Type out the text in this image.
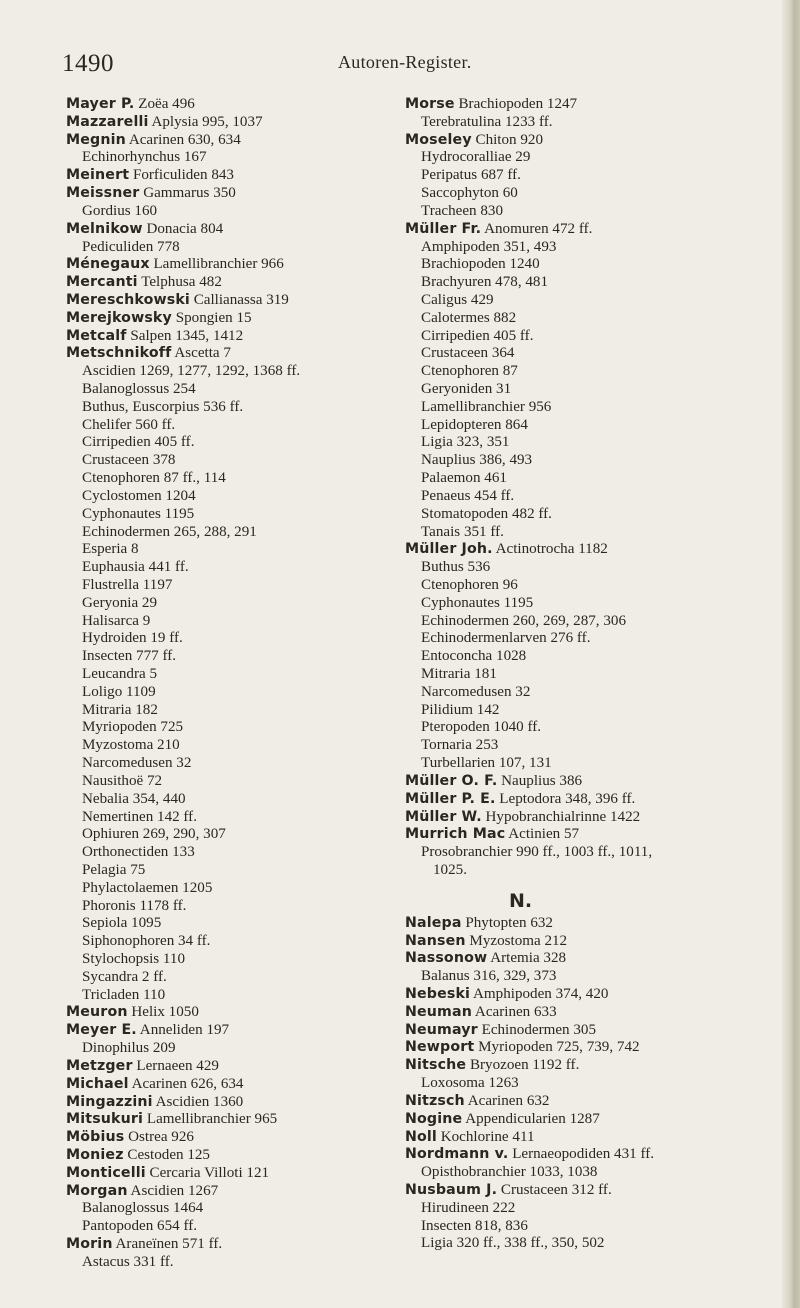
1490	Autoren-Register.
Mayer P. Zoëa 496
Mazzarelli Aplysia 995, 1037
Megnin Acarinen 630, 634
Echinorhynchus 167
Meinert Forficuliden 843
Meissner Gammarus 350
Gordius 160
Melnikow Donacia 804
Pediculiden 778
Ménegaux Lamellibranchier 966
Mercanti Telphusa 482
Mereschkowski Callianassa 319
Merejkowsky Spongien 15
Metcalf Salpen 1345, 1412
Metschnikoff Ascetta 7
Ascidien 1269, 1277, 1292, 1368 ff.
Balanoglossus 254
Buthus, Euscorpius 536 ff.
Chelifer 560 ff.
Cirripedien 405 ff.
Crustaceen 378
Ctenophoren 87 ff., 114
Cyclostomen 1204
Cyphonautes 1195
Echinodermen 265, 288, 291
Esperia 8
Euphausia 441 ff.
Flustrella 1197
Geryonia 29
Halisarca 9
Hydroiden 19 ff.
Insecten 777 ff.
Leucandra 5
Loligo 1109
Mitraria 182
Myriopoden 725
Myzostoma 210
Narcomedusen 32
Nausithoë 72
Nebalia 354, 440
Nemertinen 142 ff.
Ophiuren 269, 290, 307
Orthonectiden 133
Pelagia 75
Phylactolaemen 1205
Phoronis 1178 ff.
Sepiola 1095
Siphonophoren 34 ff.
Stylochopsis 110
Sycandra 2 ff.
Tricladen 110
Meuron Helix 1050
Meyer E. Anneliden 197
Dinophilus 209
Metzger Lernaeen 429
Michael Acarinen 626, 634
Mingazzini Ascidien 1360
Mitsukuri Lamellibranchier 965
Möbius Ostrea 926
Moniez Cestoden 125
Monticelli Cercaria Villoti 121
Morgan Ascidien 1267
Balanoglossus 1464
Pantopoden 654 ff.
Morin Araneïnen 571 ff.
Astacus 331 ff.
Morse Brachiopoden 1247
Terebratulina 1233 ff.
Moseley Chiton 920
Hydrocoralliae 29
Peripatus 687 ff.
Saccophyton 60
Tracheen 830
Müller Fr. Anomuren 472 ff.
Amphipoden 351, 493
Brachiopoden 1240
Brachyuren 478, 481
Caligus 429
Calotermes 882
Cirripedien 405 ff.
Crustaceen 364
Ctenophoren 87
Geryoniden 31
Lamellibranchier 956
Lepidopteren 864
Ligia 323, 351
Nauplius 386, 493
Palaemon 461
Penaeus 454 ff.
Stomatopoden 482 ff.
Tanais 351 ff.
Müller Joh. Actinotrocha 1182
Buthus 536
Ctenophoren 96
Cyphonautes 1195
Echinodermen 260, 269, 287, 306
Echinodermenlarven 276 ff.
Entoconcha 1028
Mitraria 181
Narcomedusen 32
Pilidium 142
Pteropoden 1040 ff.
Tornaria 253
Turbellarien 107, 131
Müller O. F. Nauplius 386
Müller P. E. Leptodora 348, 396 ff.
Müller W. Hypobranchialrinne 1422
Murrich Mac Actinien 57
Prosobranchier 990 ff., 1003 ff., 1011,
1025.
N.
Nalepa Phytopten 632
Nansen Myzostoma 212
Nassonow Artemia 328
Balanus 316, 329, 373
Nebeski Amphipoden 374, 420
Neuman Acarinen 633
Neumayr Echinodermen 305
Newport Myriopoden 725, 739, 742
Nitsche Bryozoen 1192 ff.
Loxosoma 1263
Nitzsch Acarinen 632
Nogine Appendicularien 1287
Noll Kochlorine 411
Nordmann v. Lernaeopodiden 431 ff.
Opisthobranchier 1033, 1038
Nusbaum J. Crustaceen 312 ff.
Hirudineen 222
Insecten 818, 836
Ligia 320 ff., 338 ff., 350, 502
